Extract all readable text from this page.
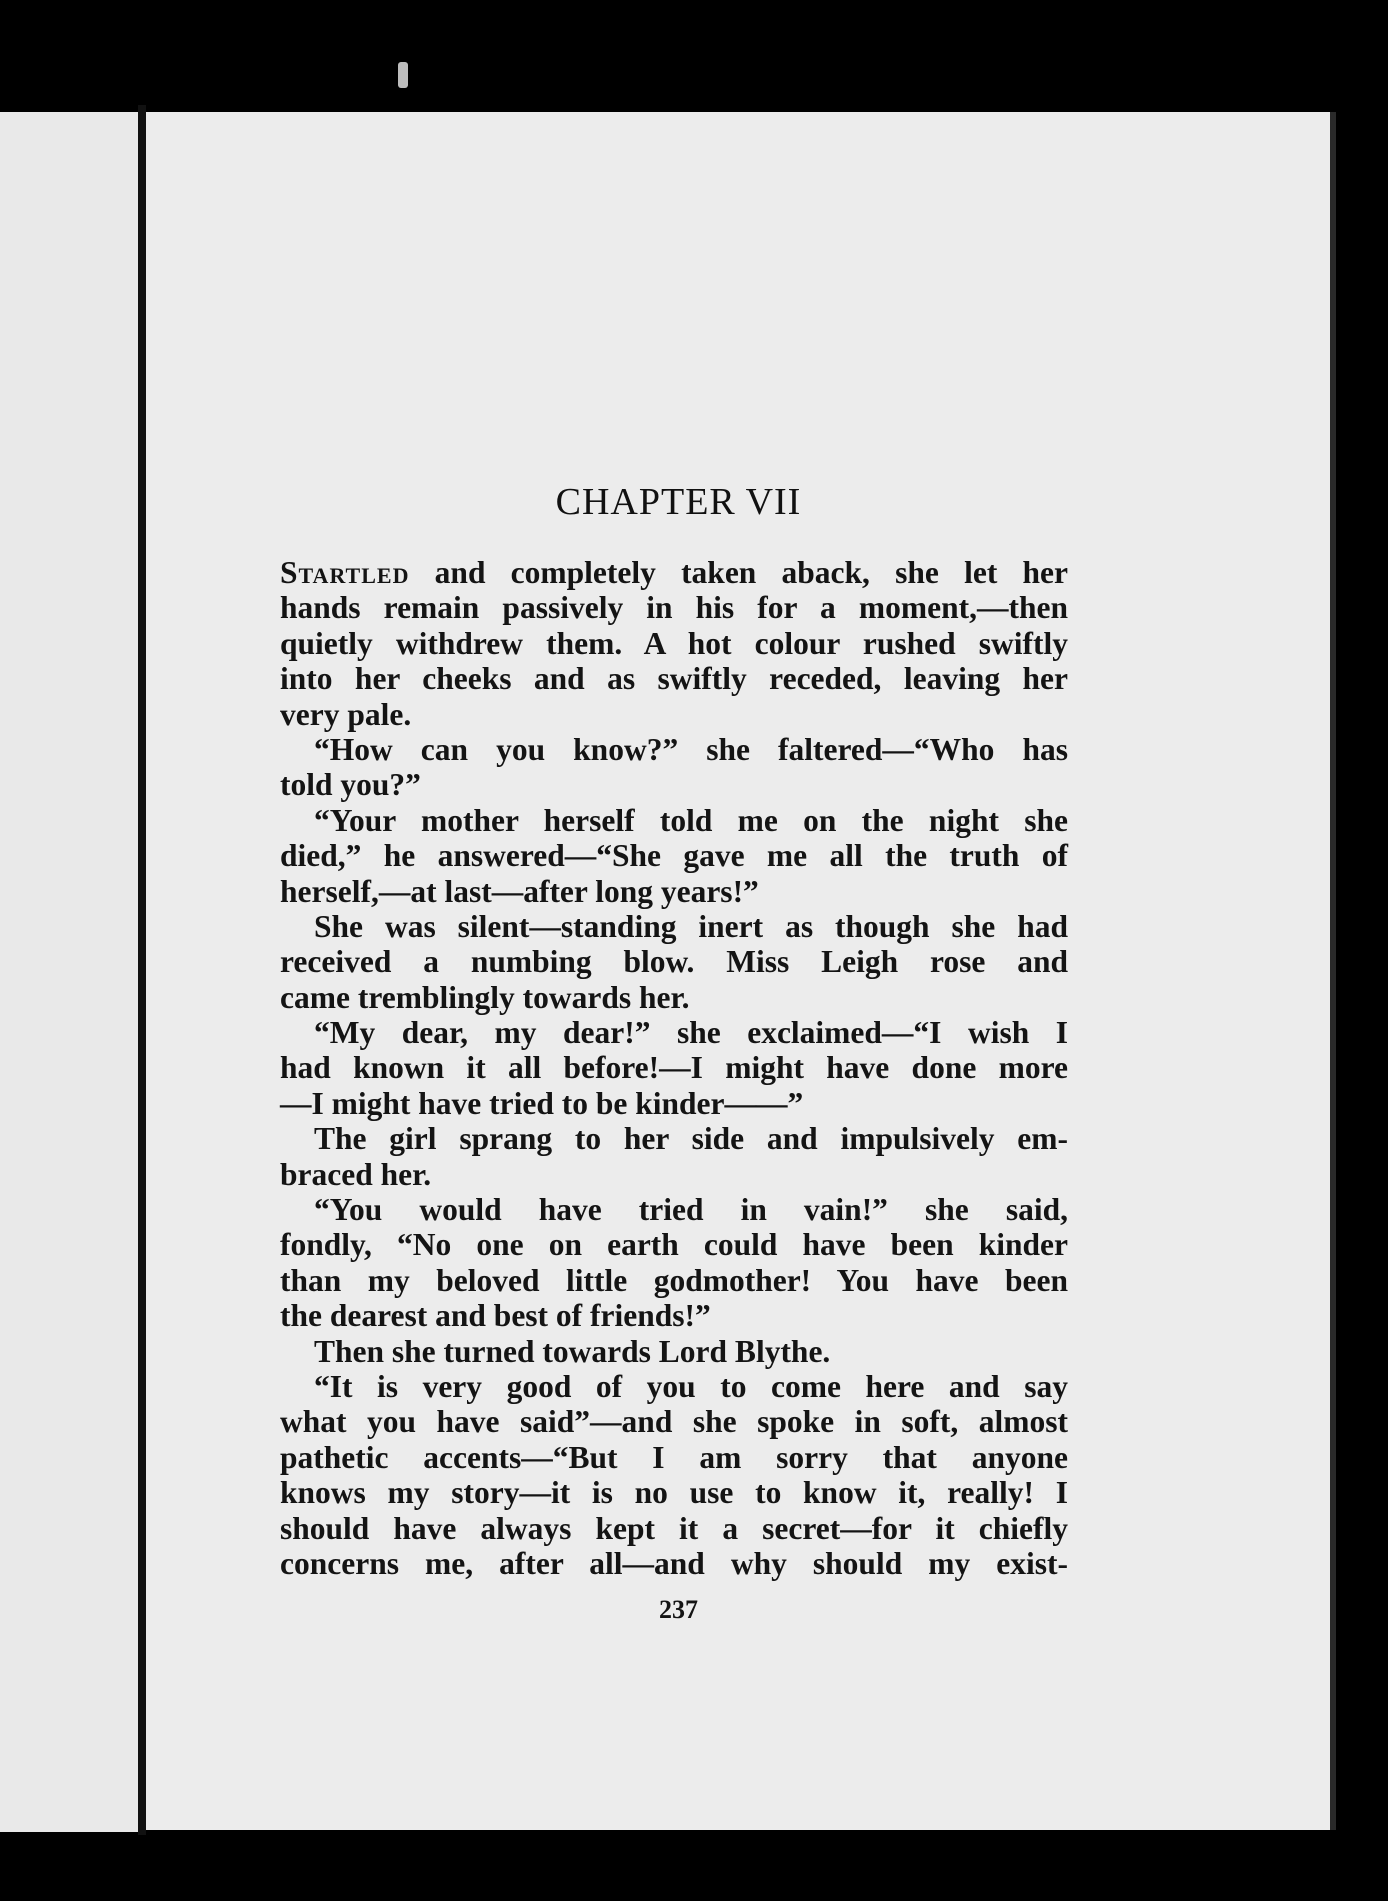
CHAPTER VII
Startled and completely taken aback, she let her
hands remain passively in his for a moment,—then
quietly withdrew them. A hot colour rushed swiftly
into her cheeks and as swiftly receded, leaving her
very pale.
“How can you know?” she faltered—“Who has
told you?”
“Your mother herself told me on the night she
died,” he answered—“She gave me all the truth of
herself,—at last—after long years!”
She was silent—standing inert as though she had
received a numbing blow. Miss Leigh rose and
came tremblingly towards her.
“My dear, my dear!” she exclaimed—“I wish I
had known it all before!—I might have done more
—I might have tried to be kinder——”
The girl sprang to her side and impulsively em-
braced her.
“You would have tried in vain!” she said,
fondly, “No one on earth could have been kinder
than my beloved little godmother! You have been
the dearest and best of friends!”
Then she turned towards Lord Blythe.
“It is very good of you to come here and say
what you have said”—and she spoke in soft, almost
pathetic accents—“But I am sorry that anyone
knows my story—it is no use to know it, really! I
should have always kept it a secret—for it chiefly
concerns me, after all—and why should my exist-
237
